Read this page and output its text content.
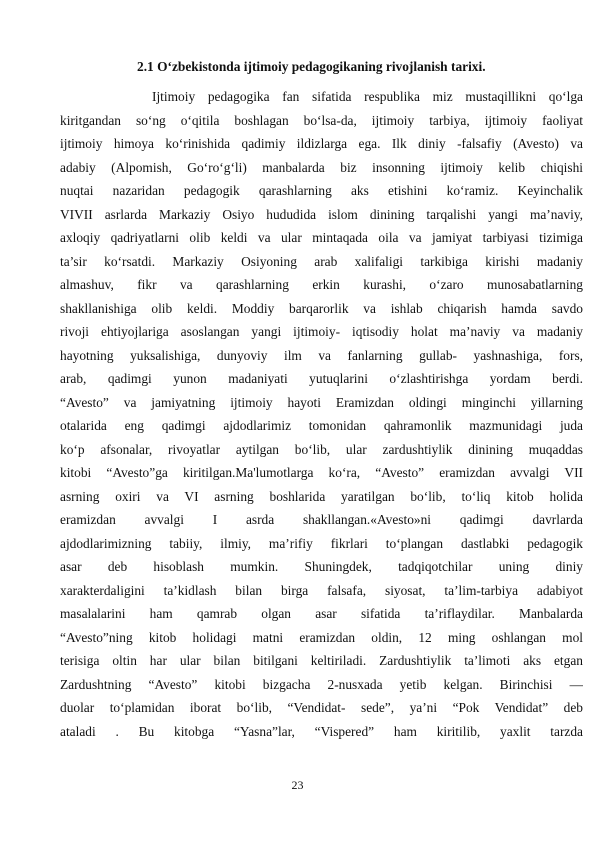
2.1 O‘zbekistonda ijtimoiy pedagogikaning rivojlanish tarixi.
Ijtimoiy pedagogika fan sifatida respublika miz mustaqillikni qo‘lga
kiritgandan so‘ng o‘qitila boshlagan bo‘lsa-da, ijtimoiy tarbiya, ijtimoiy faoliyat
ijtimoiy himoya ko‘rinishida qadimiy ildizlarga ega. Ilk diniy -falsafiy (Avesto) va
adabiy (Alpomish, Go‘ro‘g‘li) manbalarda biz insonning ijtimoiy kelib chiqishi
nuqtai nazaridan pedagogik qarashlarning aks etishini ko‘ramiz. Keyinchalik
VIVII asrlarda Markaziy Osiyo hududida islom dinining tarqalishi yangi ma’naviy,
axloqiy qadriyatlarni olib keldi va ular mintaqada oila va jamiyat tarbiyasi tizimiga
ta’sir ko‘rsatdi. Markaziy Osiyoning arab xalifaligi tarkibiga kirishi madaniy
almashuv, fikr va qarashlarning erkin kurashi, o‘zaro munosabatlarning
shakllanishiga olib keldi. Moddiy barqarorlik va ishlab chiqarish hamda savdo
rivoji ehtiyojlariga asoslangan yangi ijtimoiy- iqtisodiy holat ma’naviy va madaniy
hayotning yuksalishiga, dunyoviy ilm va fanlarning gullab- yashnashiga, fors,
arab, qadimgi yunon madaniyati yutuqlarini o‘zlashtirishga yordam berdi.
“Avesto” va jamiyatning ijtimoiy hayoti Eramizdan oldingi minginchi yillarning
otalarida eng qadimgi ajdodlarimiz tomonidan qahramonlik mazmunidagi juda
ko‘p afsonalar, rivoyatlar aytilgan bo‘lib, ular zardushtiylik dinining muqaddas
kitobi “Avesto”ga kiritilgan.Ma'lumotlarga ko‘ra, “Avesto” eramizdan avvalgi VII
asrning oxiri va VI asrning boshlarida yaratilgan bo‘lib, to‘liq kitob holida
eramizdan avvalgi I asrda shakllangan.«Avesto»ni qadimgi davrlarda
ajdodlarimizning tabiiy, ilmiy, ma’rifiy fikrlari to‘plangan dastlabki pedagogik
asar deb hisoblash mumkin. Shuningdek, tadqiqotchilar uning diniy
xarakterdaligini ta’kidlash bilan birga falsafa, siyosat, ta’lim-tarbiya adabiyot
masalalarini ham qamrab olgan asar sifatida ta’riflaydilar. Manbalarda
“Avesto”ning kitob holidagi matni eramizdan oldin, 12 ming oshlangan mol
terisiga oltin har ular bilan bitilgani keltiriladi. Zardushtiylik ta’limoti aks etgan
Zardushtning “Avesto” kitobi bizgacha 2-nusxada yetib kelgan. Birinchisi —
duolar to‘plamidan iborat bo‘lib, “Vendidat- sede”, ya’ni “Pok Vendidat” deb
ataladi . Bu kitobga “Yasna”lar, “Vispered” ham kiritilib, yaxlit tarzda
23
